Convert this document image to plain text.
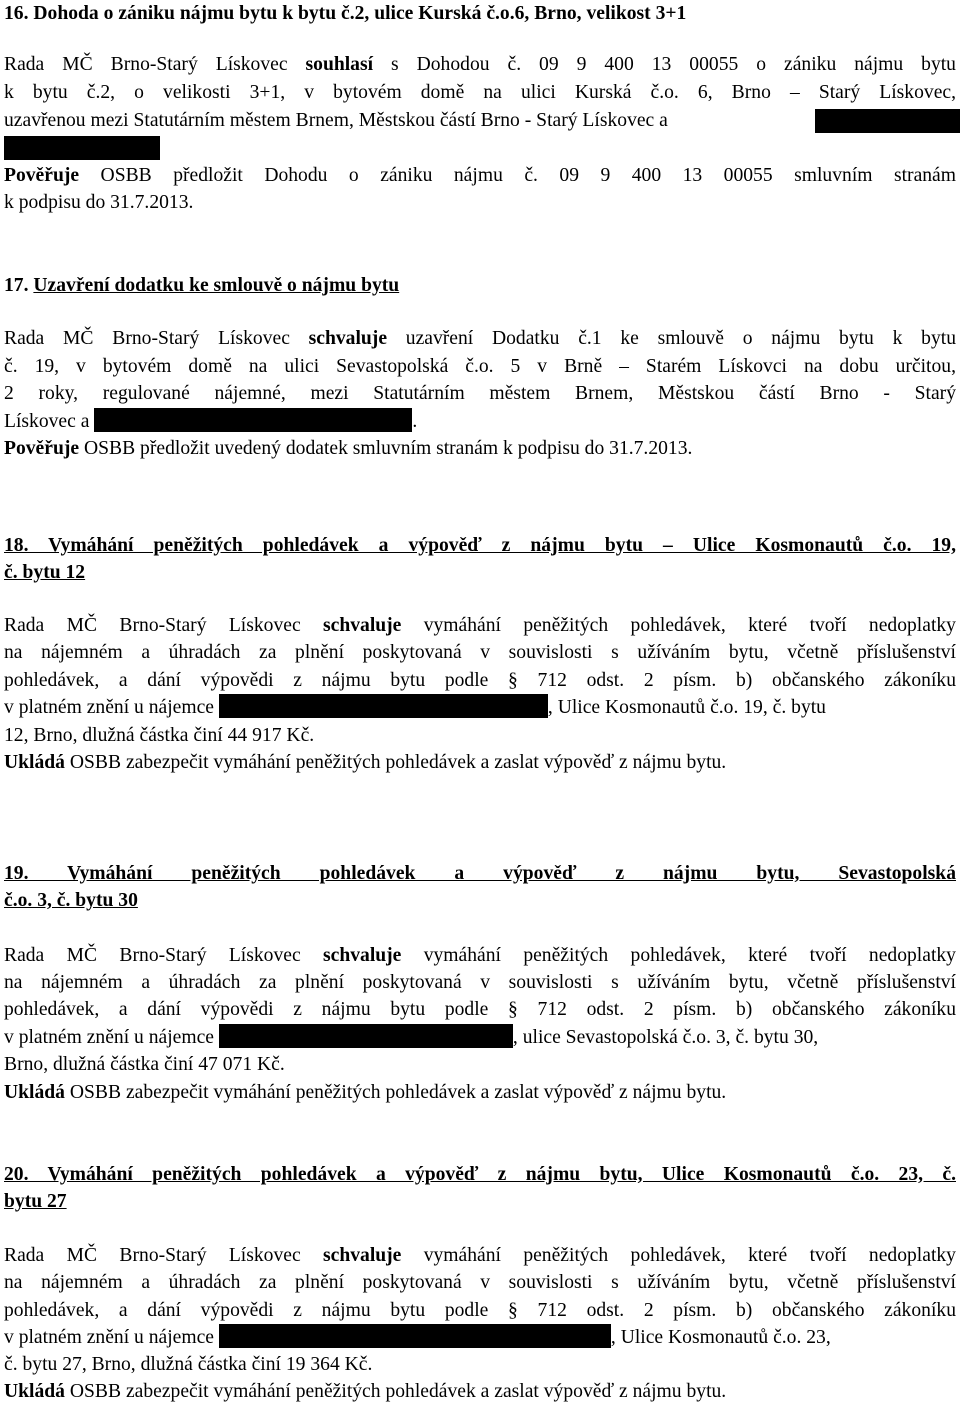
16. Dohoda o zániku nájmu bytu k bytu č.2, ulice Kurská č.o.6, Brno, velikost 3+1
Rada MČ Brno-Starý Lískovec souhlasí s Dohodou č. 09 9 400 13 00055 o zániku nájmu bytu
k bytu č.2, o velikosti 3+1, v bytovém domě na ulici Kurská č.o. 6, Brno – Starý Lískovec,
uzavřenou mezi Statutárním městem Brnem, Městskou částí Brno - Starý Lískovec a
Pověřuje OSBB předložit Dohodu o zániku nájmu č. 09 9 400 13 00055 smluvním stranám
k podpisu do 31.7.2013.
17. Uzavření dodatku ke smlouvě o nájmu bytu
Rada MČ Brno-Starý Lískovec schvaluje uzavření Dodatku č.1 ke smlouvě o nájmu bytu k bytu
č. 19, v bytovém domě na ulici Sevastopolská č.o. 5 v Brně – Starém Lískovci na dobu určitou,
2 roky, regulované nájemné, mezi Statutárním městem Brnem, Městskou částí Brno - Starý
Lískovec a	.
Pověřuje OSBB předložit uvedený dodatek smluvním stranám k podpisu do 31.7.2013.
18. Vymáhání peněžitých pohledávek a výpověď z nájmu bytu – Ulice Kosmonautů č.o. 19,
č. bytu 12
Rada MČ Brno-Starý Lískovec schvaluje vymáhání peněžitých pohledávek, které tvoří nedoplatky
na nájemném a úhradách za plnění poskytovaná v souvislosti s užíváním bytu, včetně příslušenství
pohledávek, a dání výpovědi z nájmu bytu podle § 712 odst. 2 písm. b) občanského zákoníku
v platném znění u nájemce	, Ulice Kosmonautů č.o. 19, č. bytu
12, Brno, dlužná částka činí 44 917 Kč.
Ukládá OSBB zabezpečit vymáhání peněžitých pohledávek a zaslat výpověď z nájmu bytu.
19. Vymáhání peněžitých pohledávek a výpověď z nájmu bytu, Sevastopolská
č.o. 3, č. bytu 30
Rada MČ Brno-Starý Lískovec schvaluje vymáhání peněžitých pohledávek, které tvoří nedoplatky
na nájemném a úhradách za plnění poskytovaná v souvislosti s užíváním bytu, včetně příslušenství
pohledávek, a dání výpovědi z nájmu bytu podle § 712 odst. 2 písm. b) občanského zákoníku
v platném znění u nájemce	, ulice Sevastopolská č.o. 3, č. bytu 30,
Brno, dlužná částka činí 47 071 Kč.
Ukládá OSBB zabezpečit vymáhání peněžitých pohledávek a zaslat výpověď z nájmu bytu.
20. Vymáhání peněžitých pohledávek a výpověď z nájmu bytu, Ulice Kosmonautů č.o. 23, č.
bytu 27
Rada MČ Brno-Starý Lískovec schvaluje vymáhání peněžitých pohledávek, které tvoří nedoplatky
na nájemném a úhradách za plnění poskytovaná v souvislosti s užíváním bytu, včetně příslušenství
pohledávek, a dání výpovědi z nájmu bytu podle § 712 odst. 2 písm. b) občanského zákoníku
v platném znění u nájemce	, Ulice Kosmonautů č.o. 23,
č. bytu 27, Brno, dlužná částka činí 19 364 Kč.
Ukládá OSBB zabezpečit vymáhání peněžitých pohledávek a zaslat výpověď z nájmu bytu.
